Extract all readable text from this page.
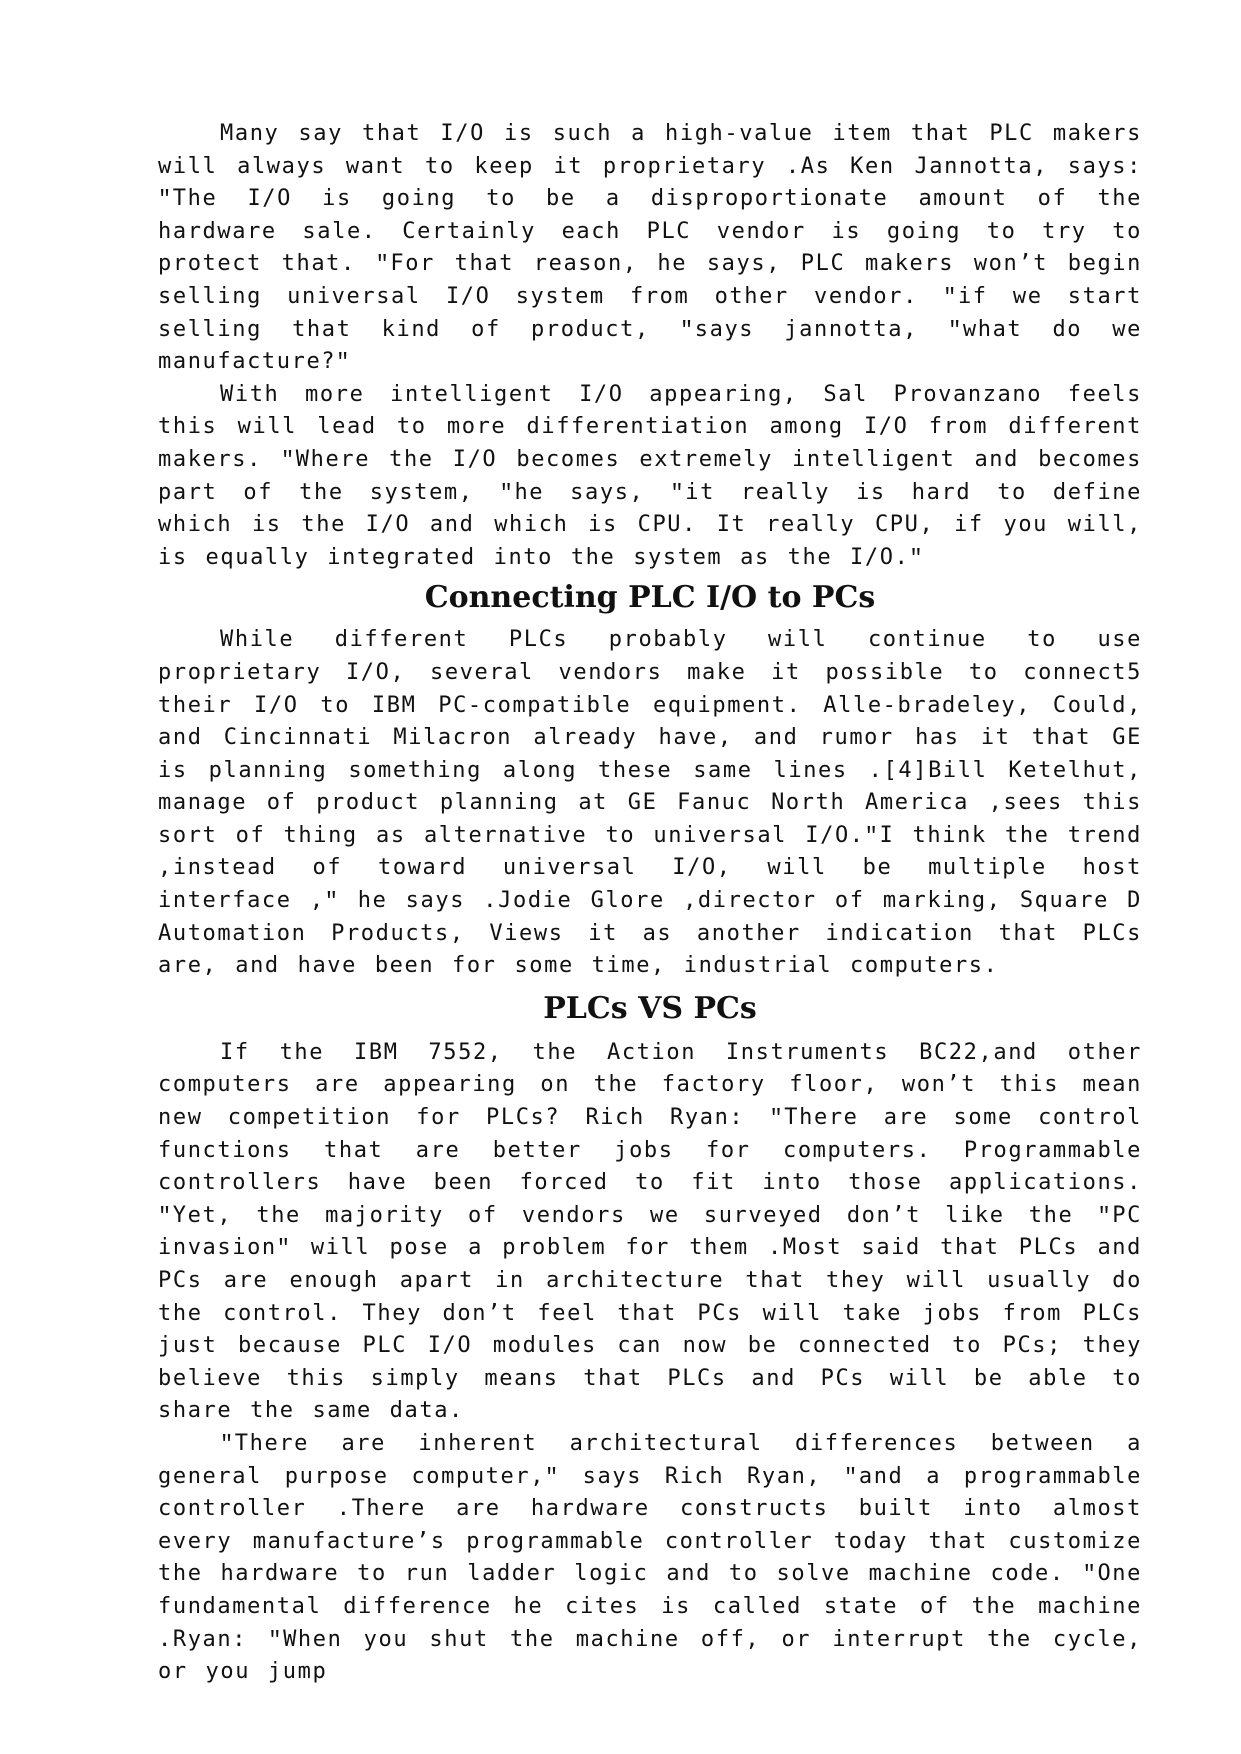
Many say that I/O is such a high-value item that PLC makers will always want to keep it proprietary .As Ken Jannotta, says: ʺThe I/O is going to be a disproportionate amount of the hardware sale. Certainly each PLC vendor is going to try to protect that. ʺFor that reason, he says, PLC makers won’t begin selling universal I/O system from other vendor. ʺif we start selling that kind of product, ʺsays jannotta, ʺwhat do we manufacture?ʺ

With more intelligent I/O appearing, Sal Provanzano feels this will lead to more differentiation among I/O from different makers. ʺWhere the I/O becomes extremely intelligent and becomes part of the system, ʺhe says, ʺit really is hard to define which is the I/O and which is CPU. It really CPU, if you will, is equally integrated into the system as the I/O.ʺ

Connecting PLC I/O to PCs

While different PLCs probably will continue to use proprietary I/O, several vendors make it possible to connect5 their I/O to IBM PC-compatible equipment. Alle-bradeley, Could, and Cincinnati Milacron already have, and rumor has it that GE is planning something along these same lines .[4]Bill Ketelhut, manage of product planning at GE Fanuc North America ,sees this sort of thing as alternative to universal I/O.ʺI think the trend ,instead of toward universal I/O, will be multiple host interface ,ʺ he says .Jodie Glore ,director of marking, Square D Automation Products, Views it as another indication that PLCs are, and have been for some time, industrial computers.

PLCs VS PCs

If the IBM 7552, the Action Instruments BC22,and other computers are appearing on the factory floor, won’t this mean new competition for PLCs? Rich Ryan: ʺThere are some control functions that are better jobs for computers. Programmable controllers have been forced to fit into those applications. ʺYet, the majority of vendors we surveyed don’t like the ʺPC invasionʺ will pose a problem for them .Most said that PLCs and PCs are enough apart in architecture that they will usually do the control. They don’t feel that PCs will take jobs from PLCs just because PLC I/O modules can now be connected to PCs; they believe this simply means that PLCs and PCs will be able to share the same data.

ʺThere are inherent architectural differences between a general purpose computer,ʺ says Rich Ryan, ʺand a programmable controller .There are hardware constructs built into almost every manufacture’s programmable controller today that customize the hardware to run ladder logic and to solve machine code. ʺOne fundamental difference he cites is called state of the machine .Ryan: ʺWhen you shut the machine off, or interrupt the cycle, or you jump
